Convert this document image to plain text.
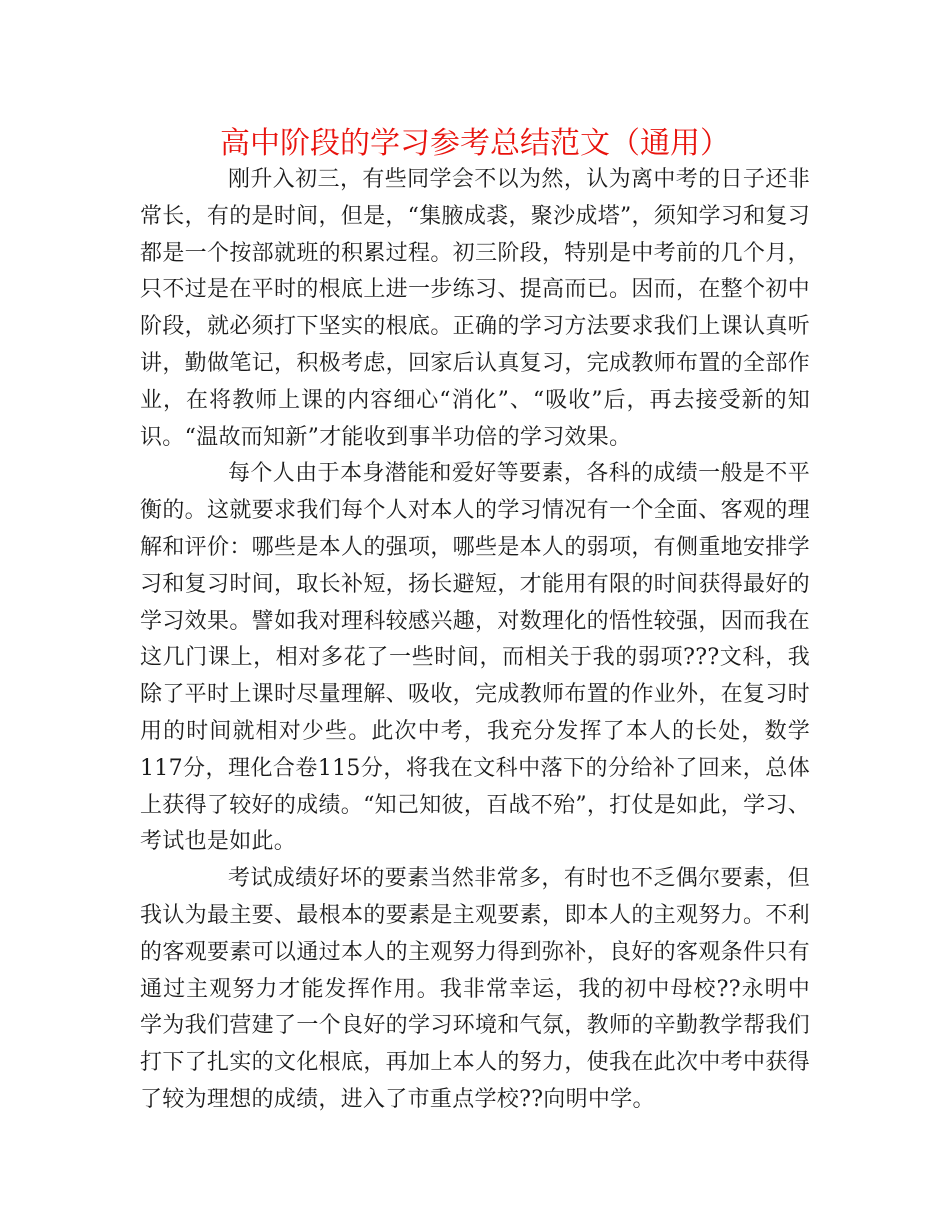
高中阶段的学习参考总结范文（通用）

刚升入初三，有些同学会不以为然，认为离中考的日子还非常长，有的是时间，但是，“集腋成裘，聚沙成塔”，须知学习和复习都是一个按部就班的积累过程。初三阶段，特别是中考前的几个月，只不过是在平时的根底上进一步练习、提高而已。因而，在整个初中阶段，就必须打下坚实的根底。正确的学习方法要求我们上课认真听讲，勤做笔记，积极考虑，回家后认真复习，完成教师布置的全部作业，在将教师上课的内容细心“消化”、“吸收”后，再去接受新的知识。“温故而知新”才能收到事半功倍的学习效果。

每个人由于本身潜能和爱好等要素，各科的成绩一般是不平衡的。这就要求我们每个人对本人的学习情况有一个全面、客观的理解和评价：哪些是本人的强项，哪些是本人的弱项，有侧重地安排学习和复习时间，取长补短，扬长避短，才能用有限的时间获得最好的学习效果。譬如我对理科较感兴趣，对数理化的悟性较强，因而我在这几门课上，相对多花了一些时间，而相关于我的弱项???文科，我除了平时上课时尽量理解、吸收，完成教师布置的作业外，在复习时用的时间就相对少些。此次中考，我充分发挥了本人的长处，数学117分，理化合卷115分，将我在文科中落下的分给补了回来，总体上获得了较好的成绩。“知己知彼，百战不殆”，打仗是如此，学习、考试也是如此。

考试成绩好坏的要素当然非常多，有时也不乏偶尔要素，但我认为最主要、最根本的要素是主观要素，即本人的主观努力。不利的客观要素可以通过本人的主观努力得到弥补，良好的客观条件只有通过主观努力才能发挥作用。我非常幸运，我的初中母校??永明中学为我们营建了一个良好的学习环境和气氛，教师的辛勤教学帮我们打下了扎实的文化根底，再加上本人的努力，使我在此次中考中获得了较为理想的成绩，进入了市重点学校??向明中学。
